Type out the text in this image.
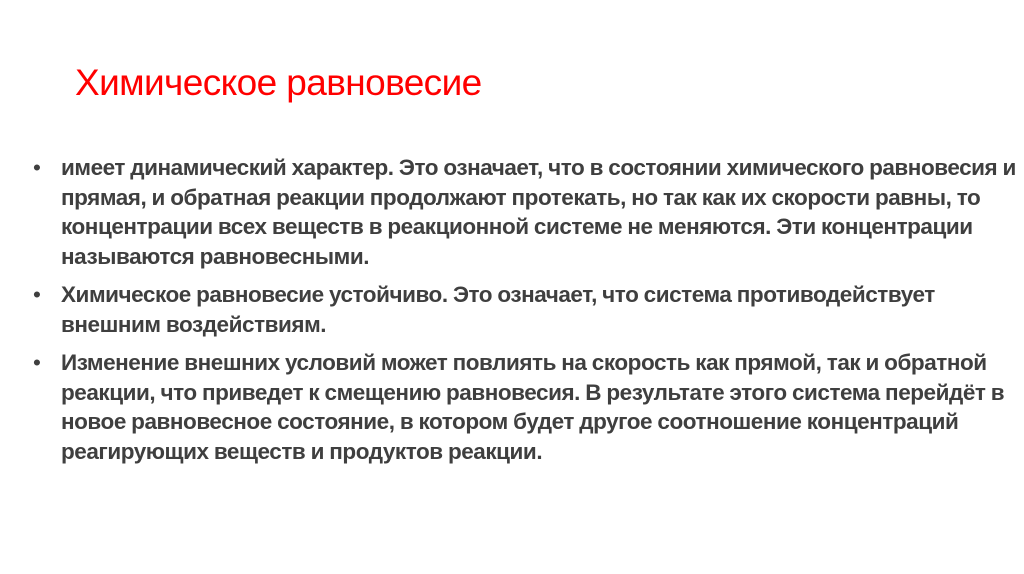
Химическое равновесие
• имеет динамический характер. Это означает, что в состоянии химического равновесия и прямая, и обратная реакции продолжают протекать, но так как их скорости равны, то концентрации всех веществ в реакционной системе не меняются. Эти концентрации называются равновесными.
• Химическое равновесие устойчиво. Это означает, что система противодействует внешним воздействиям.
• Изменение внешних условий может повлиять на скорость как прямой, так и обратной реакции, что приведет к смещению равновесия. В результате этого система перейдёт в новое равновесное состояние, в котором будет другое соотношение концентраций реагирующих веществ и продуктов реакции.
